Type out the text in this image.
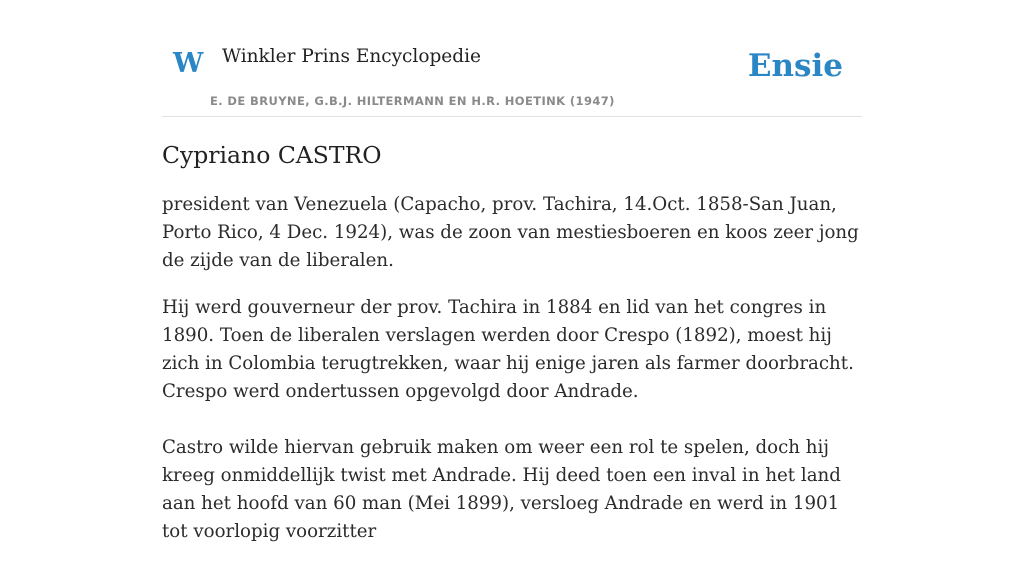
W Winkler Prins Encyclopedie
E. DE BRUYNE, G.B.J. HILTERMANN EN H.R. HOETINK (1947)
Ensie
Cypriano CASTRO

president van Venezuela (Capacho, prov. Tachira, 14.Oct. 1858-San Juan, Porto Rico, 4 Dec. 1924), was de zoon van mestiesboeren en koos zeer jong de zijde van de liberalen.

Hij werd gouverneur der prov. Tachira in 1884 en lid van het congres in 1890. Toen de liberalen verslagen werden door Crespo (1892), moest hij zich in Colombia terugtrekken, waar hij enige jaren als farmer doorbracht. Crespo werd ondertussen opgevolgd door Andrade.

Castro wilde hiervan gebruik maken om weer een rol te spelen, doch hij kreeg onmiddellijk twist met Andrade. Hij deed toen een inval in het land aan het hoofd van 60 man (Mei 1899), versloeg Andrade en werd in 1901 tot voorlopig voorzitter
